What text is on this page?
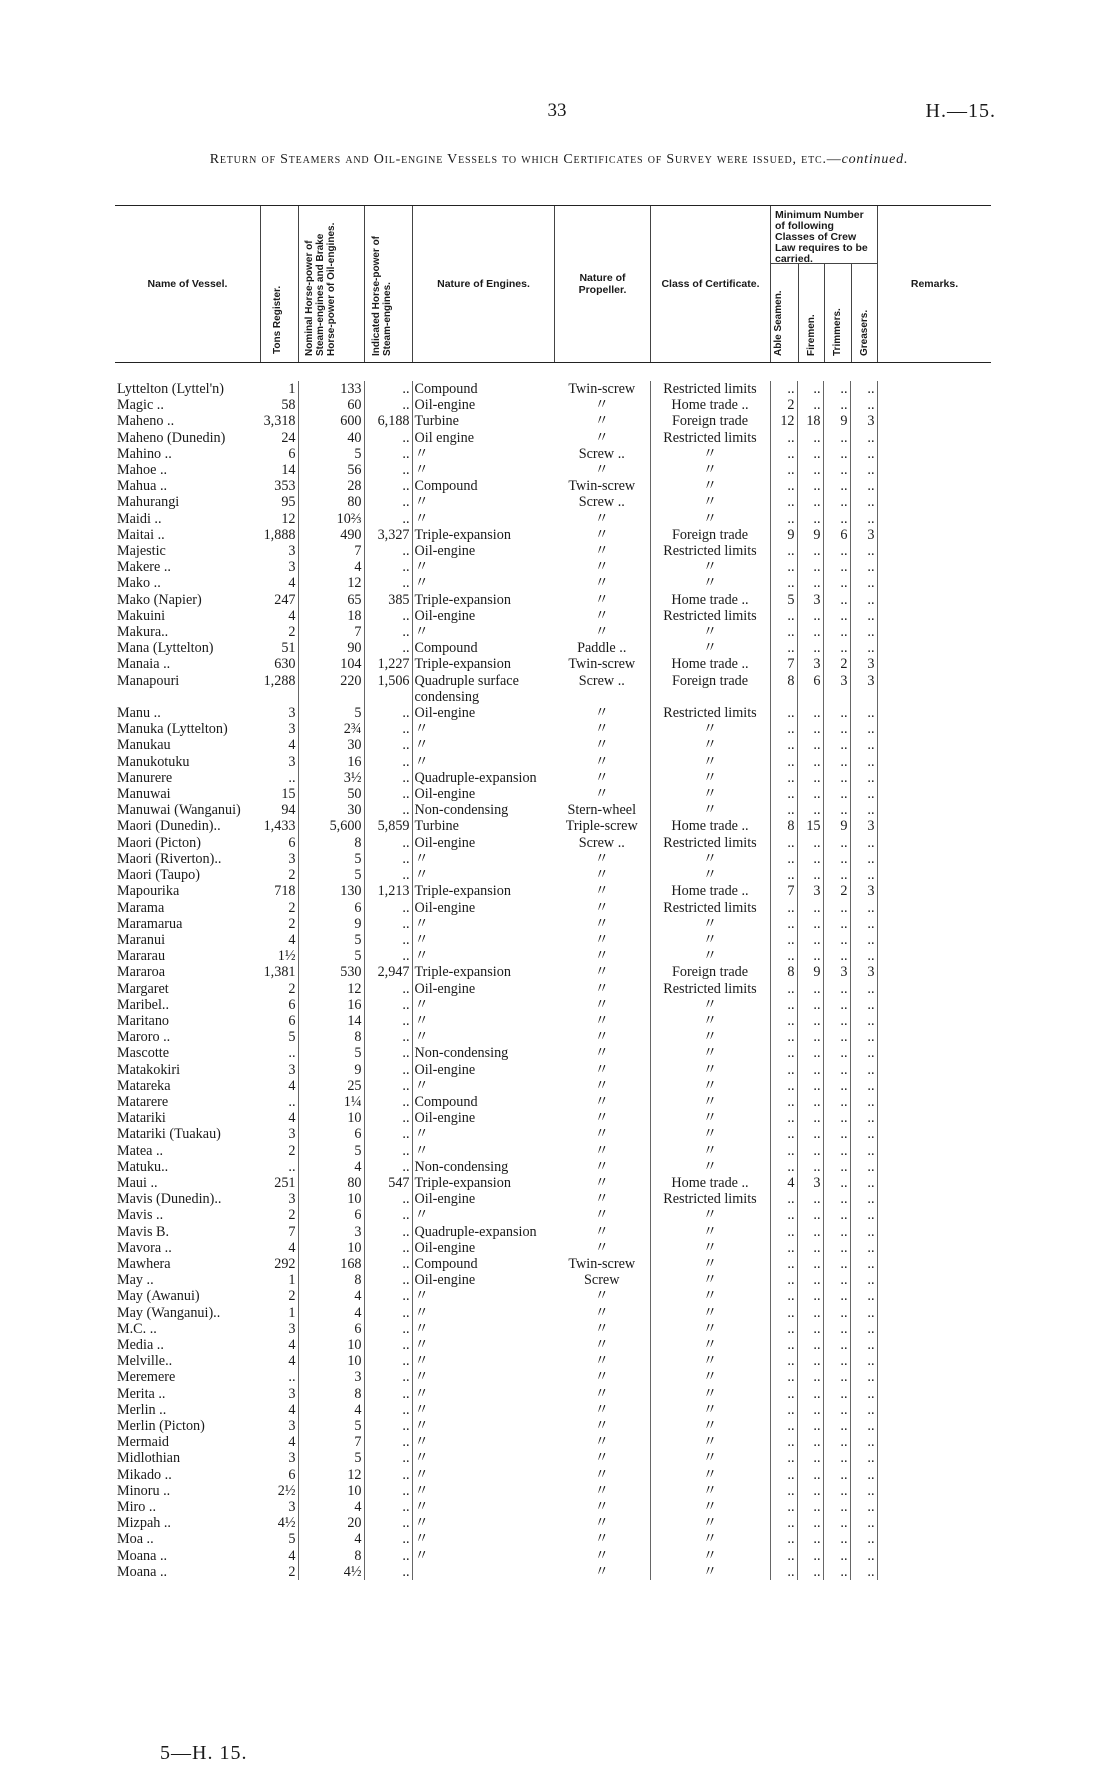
33	H.—15.
Return of Steamers and Oil-engine Vessels to which Certificates of Survey were issued, etc.—continued.
Name of Vessel.
Tons Register. Nominal Horse-power of Steam-engines and Brake Horse-power of Oil-engines.	Indicated Horse-power of Steam-engines.	Nature of Engines.	Nature of Propeller.	Class of Certificate.
Minimum Number of following Classes of Crew Law requires to be carried.
Able Seamen. Firemen. Trimmers. Greasers.
Remarks.
Lyttelton (Lyttel'n)	1	133	..	Compound	Twin-screw	Restricted limits	..	..	..	..	
Magic ..	58	60	..	Oil-engine	〃	Home trade ..	2	..	..	..	
Maheno ..	3,318	600	6,188	Turbine	〃	Foreign trade	12	18	9	3	
Maheno (Dunedin)	24	40	..	Oil engine	〃	Restricted limits	..	..	..	..	
Mahino ..	6	5	..	〃	Screw ..	〃	..	..	..	..	
Mahoe ..	14	56	..	〃	〃	〃	..	..	..	..	
Mahua ..	353	28	..	Compound	Twin-screw	〃	..	..	..	..	
Mahurangi	95	80	..	〃	Screw ..	〃	..	..	..	..	
Maidi ..	12	10⅔	..	〃	〃	〃	..	..	..	..	
Maitai ..	1,888	490	3,327	Triple-expansion	〃	Foreign trade	9	9	6	3	
Majestic	3	7	..	Oil-engine	〃	Restricted limits	..	..	..	..	
Makere ..	3	4	..	〃	〃	〃	..	..	..	..	
Mako ..	4	12	..	〃	〃	〃	..	..	..	..	
Mako (Napier)	247	65	385	Triple-expansion	〃	Home trade ..	5	3	..	..	
Makuini	4	18	..	Oil-engine	〃	Restricted limits	..	..	..	..	
Makura..	2	7	..	〃	〃	〃	..	..	..	..	
Mana (Lyttelton)	51	90	..	Compound	Paddle ..	〃	..	..	..	..	
Manaia ..	630	104	1,227	Triple-expansion	Twin-screw	Home trade ..	7	3	2	3	
Manapouri	1,288	220	1,506	Quadruple surface condensing	Screw ..	Foreign trade	8	6	3	3	
Manu ..	3	5	..	Oil-engine	〃	Restricted limits	..	..	..	..	
Manuka (Lyttelton)	3	2¾	..	〃	〃	〃	..	..	..	..	
Manukau	4	30	..	〃	〃	〃	..	..	..	..	
Manukotuku	3	16	..	〃	〃	〃	..	..	..	..	
Manurere	..	3½	..	Quadruple-expansion	〃	〃	..	..	..	..	
Manuwai	15	50	..	Oil-engine	〃	〃	..	..	..	..	
Manuwai (Wanganui)	94	30	..	Non-condensing	Stern-wheel	〃	..	..	..	..	
Maori (Dunedin)..	1,433	5,600	5,859	Turbine	Triple-screw	Home trade ..	8	15	9	3	
Maori (Picton)	6	8	..	Oil-engine	Screw ..	Restricted limits	..	..	..	..	
Maori (Riverton)..	3	5	..	〃	〃	〃	..	..	..	..	
Maori (Taupo)	2	5	..	〃	〃	〃	..	..	..	..	
Mapourika	718	130	1,213	Triple-expansion	〃	Home trade ..	7	3	2	3	
Marama	2	6	..	Oil-engine	〃	Restricted limits	..	..	..	..	
Maramarua	2	9	..	〃	〃	〃	..	..	..	..	
Maranui	4	5	..	〃	〃	〃	..	..	..	..	
Mararau	1½	5	..	〃	〃	〃	..	..	..	..	
Mararoa	1,381	530	2,947	Triple-expansion	〃	Foreign trade	8	9	3	3	
Margaret	2	12	..	Oil-engine	〃	Restricted limits	..	..	..	..	
Maribel..	6	16	..	〃	〃	〃	..	..	..	..	
Maritano	6	14	..	〃	〃	〃	..	..	..	..	
Maroro ..	5	8	..	〃	〃	〃	..	..	..	..	
Mascotte	..	5	..	Non-condensing	〃	〃	..	..	..	..	
Matakokiri	3	9	..	Oil-engine	〃	〃	..	..	..	..	
Matareka	4	25	..	〃	〃	〃	..	..	..	..	
Matarere	..	1¼	..	Compound	〃	〃	..	..	..	..	
Matariki	4	10	..	Oil-engine	〃	〃	..	..	..	..	
Matariki (Tuakau)	3	6	..	〃	〃	〃	..	..	..	..	
Matea ..	2	5	..	〃	〃	〃	..	..	..	..	
Matuku..	..	4	..	Non-condensing	〃	〃	..	..	..	..	
Maui ..	251	80	547	Triple-expansion	〃	Home trade ..	4	3	..	..	
Mavis (Dunedin)..	3	10	..	Oil-engine	〃	Restricted limits	..	..	..	..	
Mavis ..	2	6	..	〃	〃	〃	..	..	..	..	
Mavis B.	7	3	..	Quadruple-expansion	〃	〃	..	..	..	..	
Mavora ..	4	10	..	Oil-engine	〃	〃	..	..	..	..	
Mawhera	292	168	..	Compound	Twin-screw	〃	..	..	..	..	
May ..	1	8	..	Oil-engine	Screw	〃	..	..	..	..	
May (Awanui)	2	4	..	〃	〃	〃	..	..	..	..	
May (Wanganui)..	1	4	..	〃	〃	〃	..	..	..	..	
M.C. ..	3	6	..	〃	〃	〃	..	..	..	..	
Media ..	4	10	..	〃	〃	〃	..	..	..	..	
Melville..	4	10	..	〃	〃	〃	..	..	..	..	
Meremere	..	3	..	〃	〃	〃	..	..	..	..	
Merita ..	3	8	..	〃	〃	〃	..	..	..	..	
Merlin ..	4	4	..	〃	〃	〃	..	..	..	..	
Merlin (Picton)	3	5	..	〃	〃	〃	..	..	..	..	
Mermaid	4	7	..	〃	〃	〃	..	..	..	..	
Midlothian	3	5	..	〃	〃	〃	..	..	..	..	
Mikado ..	6	12	..	〃	〃	〃	..	..	..	..	
Minoru ..	2½	10	..	〃	〃	〃	..	..	..	..	
Miro ..	3	4	..	〃	〃	〃	..	..	..	..	
Mizpah ..	4½	20	..	〃	〃	〃	..	..	..	..	
Moa ..	5	4	..	〃	〃	〃	..	..	..	..	
Moana ..	4	8	..	〃	〃	〃	..	..	..	..	
Moana ..	2	4½	..		〃	〃	..	..	..	..	
5—H. 15.
